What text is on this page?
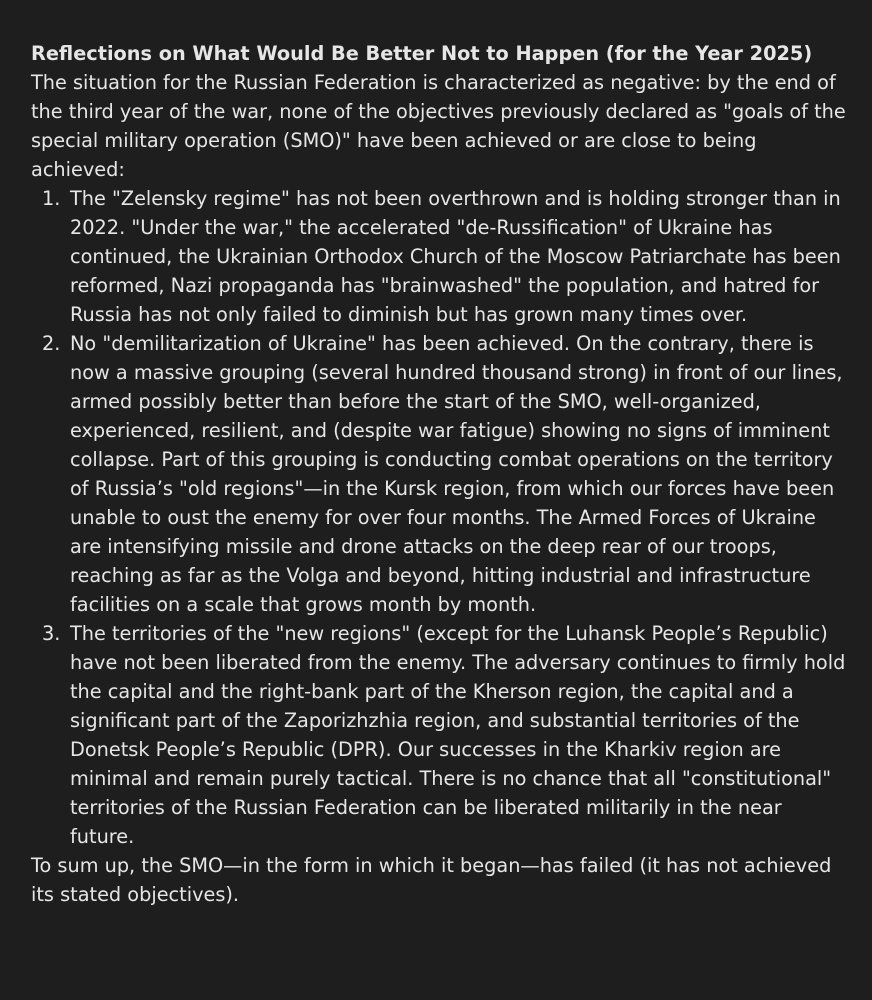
Reflections on What Would Be Better Not to Happen (for the Year 2025)

The situation for the Russian Federation is characterized as negative: by the end of the third year of the war, none of the objectives previously declared as "goals of the special military operation (SMO)" have been achieved or are close to being achieved:

1. The "Zelensky regime" has not been overthrown and is holding stronger than in 2022. "Under the war," the accelerated "de-Russification" of Ukraine has continued, the Ukrainian Orthodox Church of the Moscow Patriarchate has been reformed, Nazi propaganda has "brainwashed" the population, and hatred for Russia has not only failed to diminish but has grown many times over.
2. No "demilitarization of Ukraine" has been achieved. On the contrary, there is now a massive grouping (several hundred thousand strong) in front of our lines, armed possibly better than before the start of the SMO, well-organized, experienced, resilient, and (despite war fatigue) showing no signs of imminent collapse. Part of this grouping is conducting combat operations on the territory of Russia’s "old regions"—in the Kursk region, from which our forces have been unable to oust the enemy for over four months. The Armed Forces of Ukraine are intensifying missile and drone attacks on the deep rear of our troops, reaching as far as the Volga and beyond, hitting industrial and infrastructure facilities on a scale that grows month by month.
3. The territories of the "new regions" (except for the Luhansk People’s Republic) have not been liberated from the enemy. The adversary continues to firmly hold the capital and the right-bank part of the Kherson region, the capital and a significant part of the Zaporizhzhia region, and substantial territories of the Donetsk People’s Republic (DPR). Our successes in the Kharkiv region are minimal and remain purely tactical. There is no chance that all "constitutional" territories of the Russian Federation can be liberated militarily in the near future.

To sum up, the SMO—in the form in which it began—has failed (it has not achieved its stated objectives).
